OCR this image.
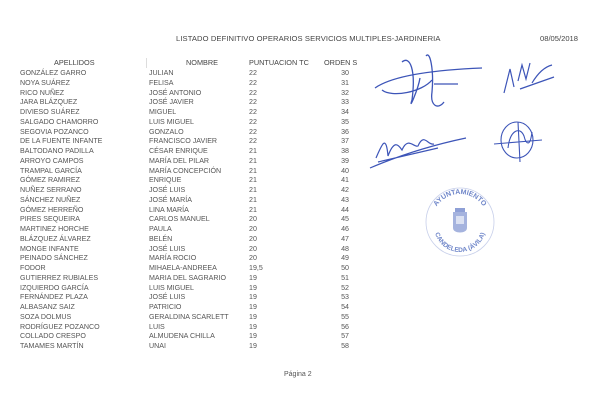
LISTADO DEFINITIVO OPERARIOS SERVICIOS MULTIPLES-JARDINERIA	08/05/2018
APELLIDOS	NOMBRE	PUNTUACION TC	ORDEN S
GONZÁLEZ GARRO	JULIAN	22	30
NOYA SUÁREZ	FELISA	22	31
RICO NUÑEZ	JOSÉ ANTONIO	22	32
JARA BLÁZQUEZ	JOSÉ JAVIER	22	33
DIVIESO SUÁREZ	MIGUEL	22	34
SALGADO CHAMORRO	LUIS MIGUEL	22	35
SEGOVIA POZANCO	GONZALO	22	36
DE LA FUENTE INFANTE	FRANCISCO JAVIER	22	37
BALTODANO PADILLA	CÉSAR ENRIQUE	21	38
ARROYO CAMPOS	MARÍA DEL PILAR	21	39
TRAMPAL GARCÍA	MARÍA CONCEPCIÓN	21	40
GÓMEZ RAMIREZ	ENRIQUE	21	41
NUÑEZ SERRANO	JOSÉ LUIS	21	42
SÁNCHEZ NUÑEZ	JOSÉ MARÍA	21	43
GÓMEZ HERREÑO	LINA MARÍA	21	44
PIRES SEQUEIRA	CARLOS MANUEL	20	45
MARTINEZ HORCHE	PAULA	20	46
BLÁZQUEZ ÁLVAREZ	BELÉN	20	47
MONGE INFANTE	JOSÉ LUIS	20	48
PEINADO SÁNCHEZ	MARÍA ROCIO	20	49
FODOR	MIHAELA-ANDREEA	19,5	50
GUTIERREZ RUBIALES	MARIA DEL SAGRARIO	19	51
IZQUIERDO GARCÍA	LUIS MIGUEL	19	52
FERNÁNDEZ PLAZA	JOSÉ LUIS	19	53
ALBASANZ SAIZ	PATRICIO	19	54
SOZA DOLMUS	GERALDINA SCARLETT	19	55
RODRÍGUEZ POZANCO	LUIS	19	56
COLLADO CRESPO	ALMUDENA CHILLA	19	57
TAMAMES MARTÍN	UNAI	19	58
AYUNTAMIENTO
CANDELEDA (ÁVILA)
Página 2
